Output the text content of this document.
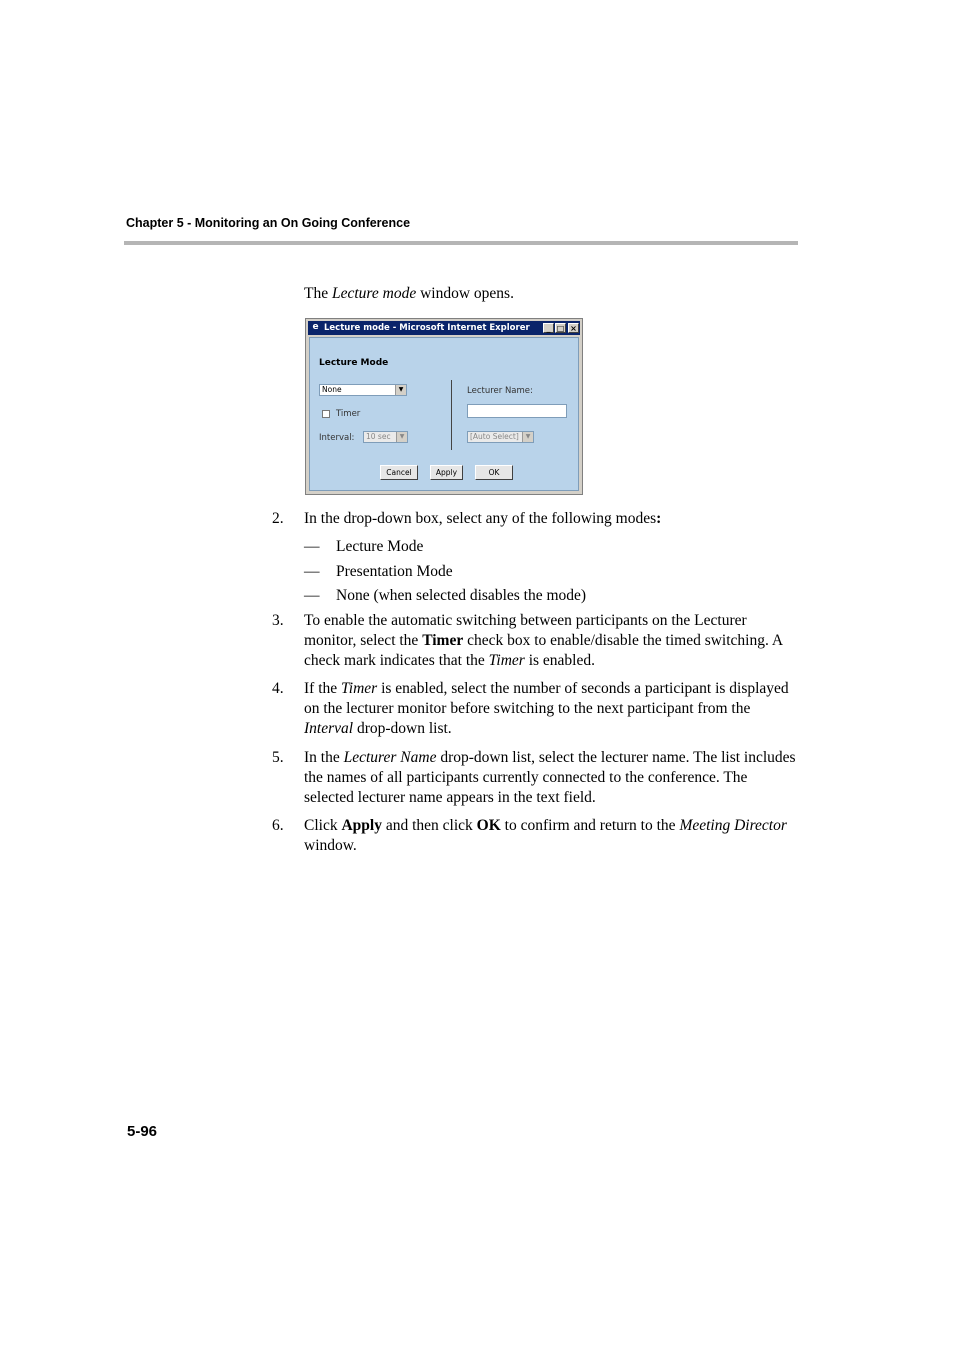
Chapter 5 - Monitoring an On Going Conference
The Lecture mode window opens.
e Lecture mode - Microsoft Internet Explorer	_ □ ×
Lecture Mode
None	▼
Timer
Interval:	10 sec	▼
Lecturer Name:
[Auto Select]	▼
Cancel	Apply	OK
2. In the drop-down box, select any of the following modes:
— Lecture Mode
— Presentation Mode
— None (when selected disables the mode)
3. To enable the automatic switching between participants on the Lecturer monitor, select the Timer check box to enable/disable the timed switching. A check mark indicates that the Timer is enabled.
4. If the Timer is enabled, select the number of seconds a participant is displayed on the lecturer monitor before switching to the next participant from the Interval drop-down list.
5. In the Lecturer Name drop-down list, select the lecturer name. The list includes the names of all participants currently connected to the conference. The selected lecturer name appears in the text field.
6. Click Apply and then click OK to confirm and return to the Meeting Director window.
5-96
